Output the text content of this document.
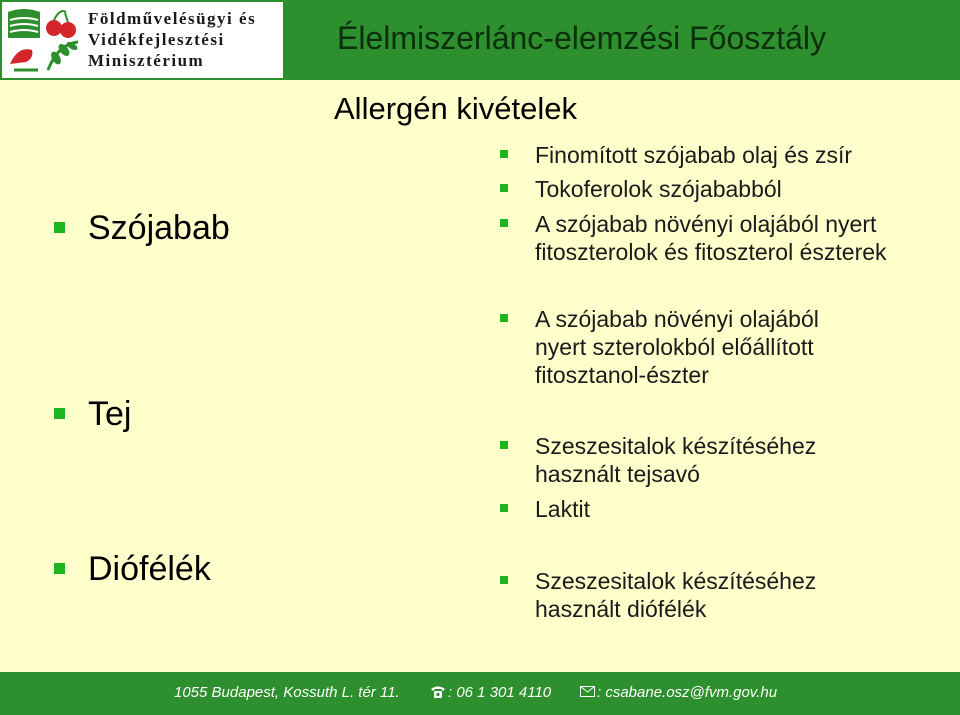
Földművelésügyi és
Vidékfejlesztési
Minisztérium
Élelmiszerlánc-elemzési Főosztály
Allergén kivételek
Szójabab
Tej
Diófélék
Finomított szójabab olaj és zsír
Tokoferolok szójababból
A szójabab növényi olajából nyert fitoszterolok és fitoszterol észterek
A szójabab növényi olajából nyert szterolokból előállított fitosztanol-észter
Szeszesitalok készítéséhez használt tejsavó
Laktit
Szeszesitalok készítéséhez használt diófélék
1055 Budapest, Kossuth L. tér 11.	: 06 1 301 4110	: csabane.osz@fvm.gov.hu
